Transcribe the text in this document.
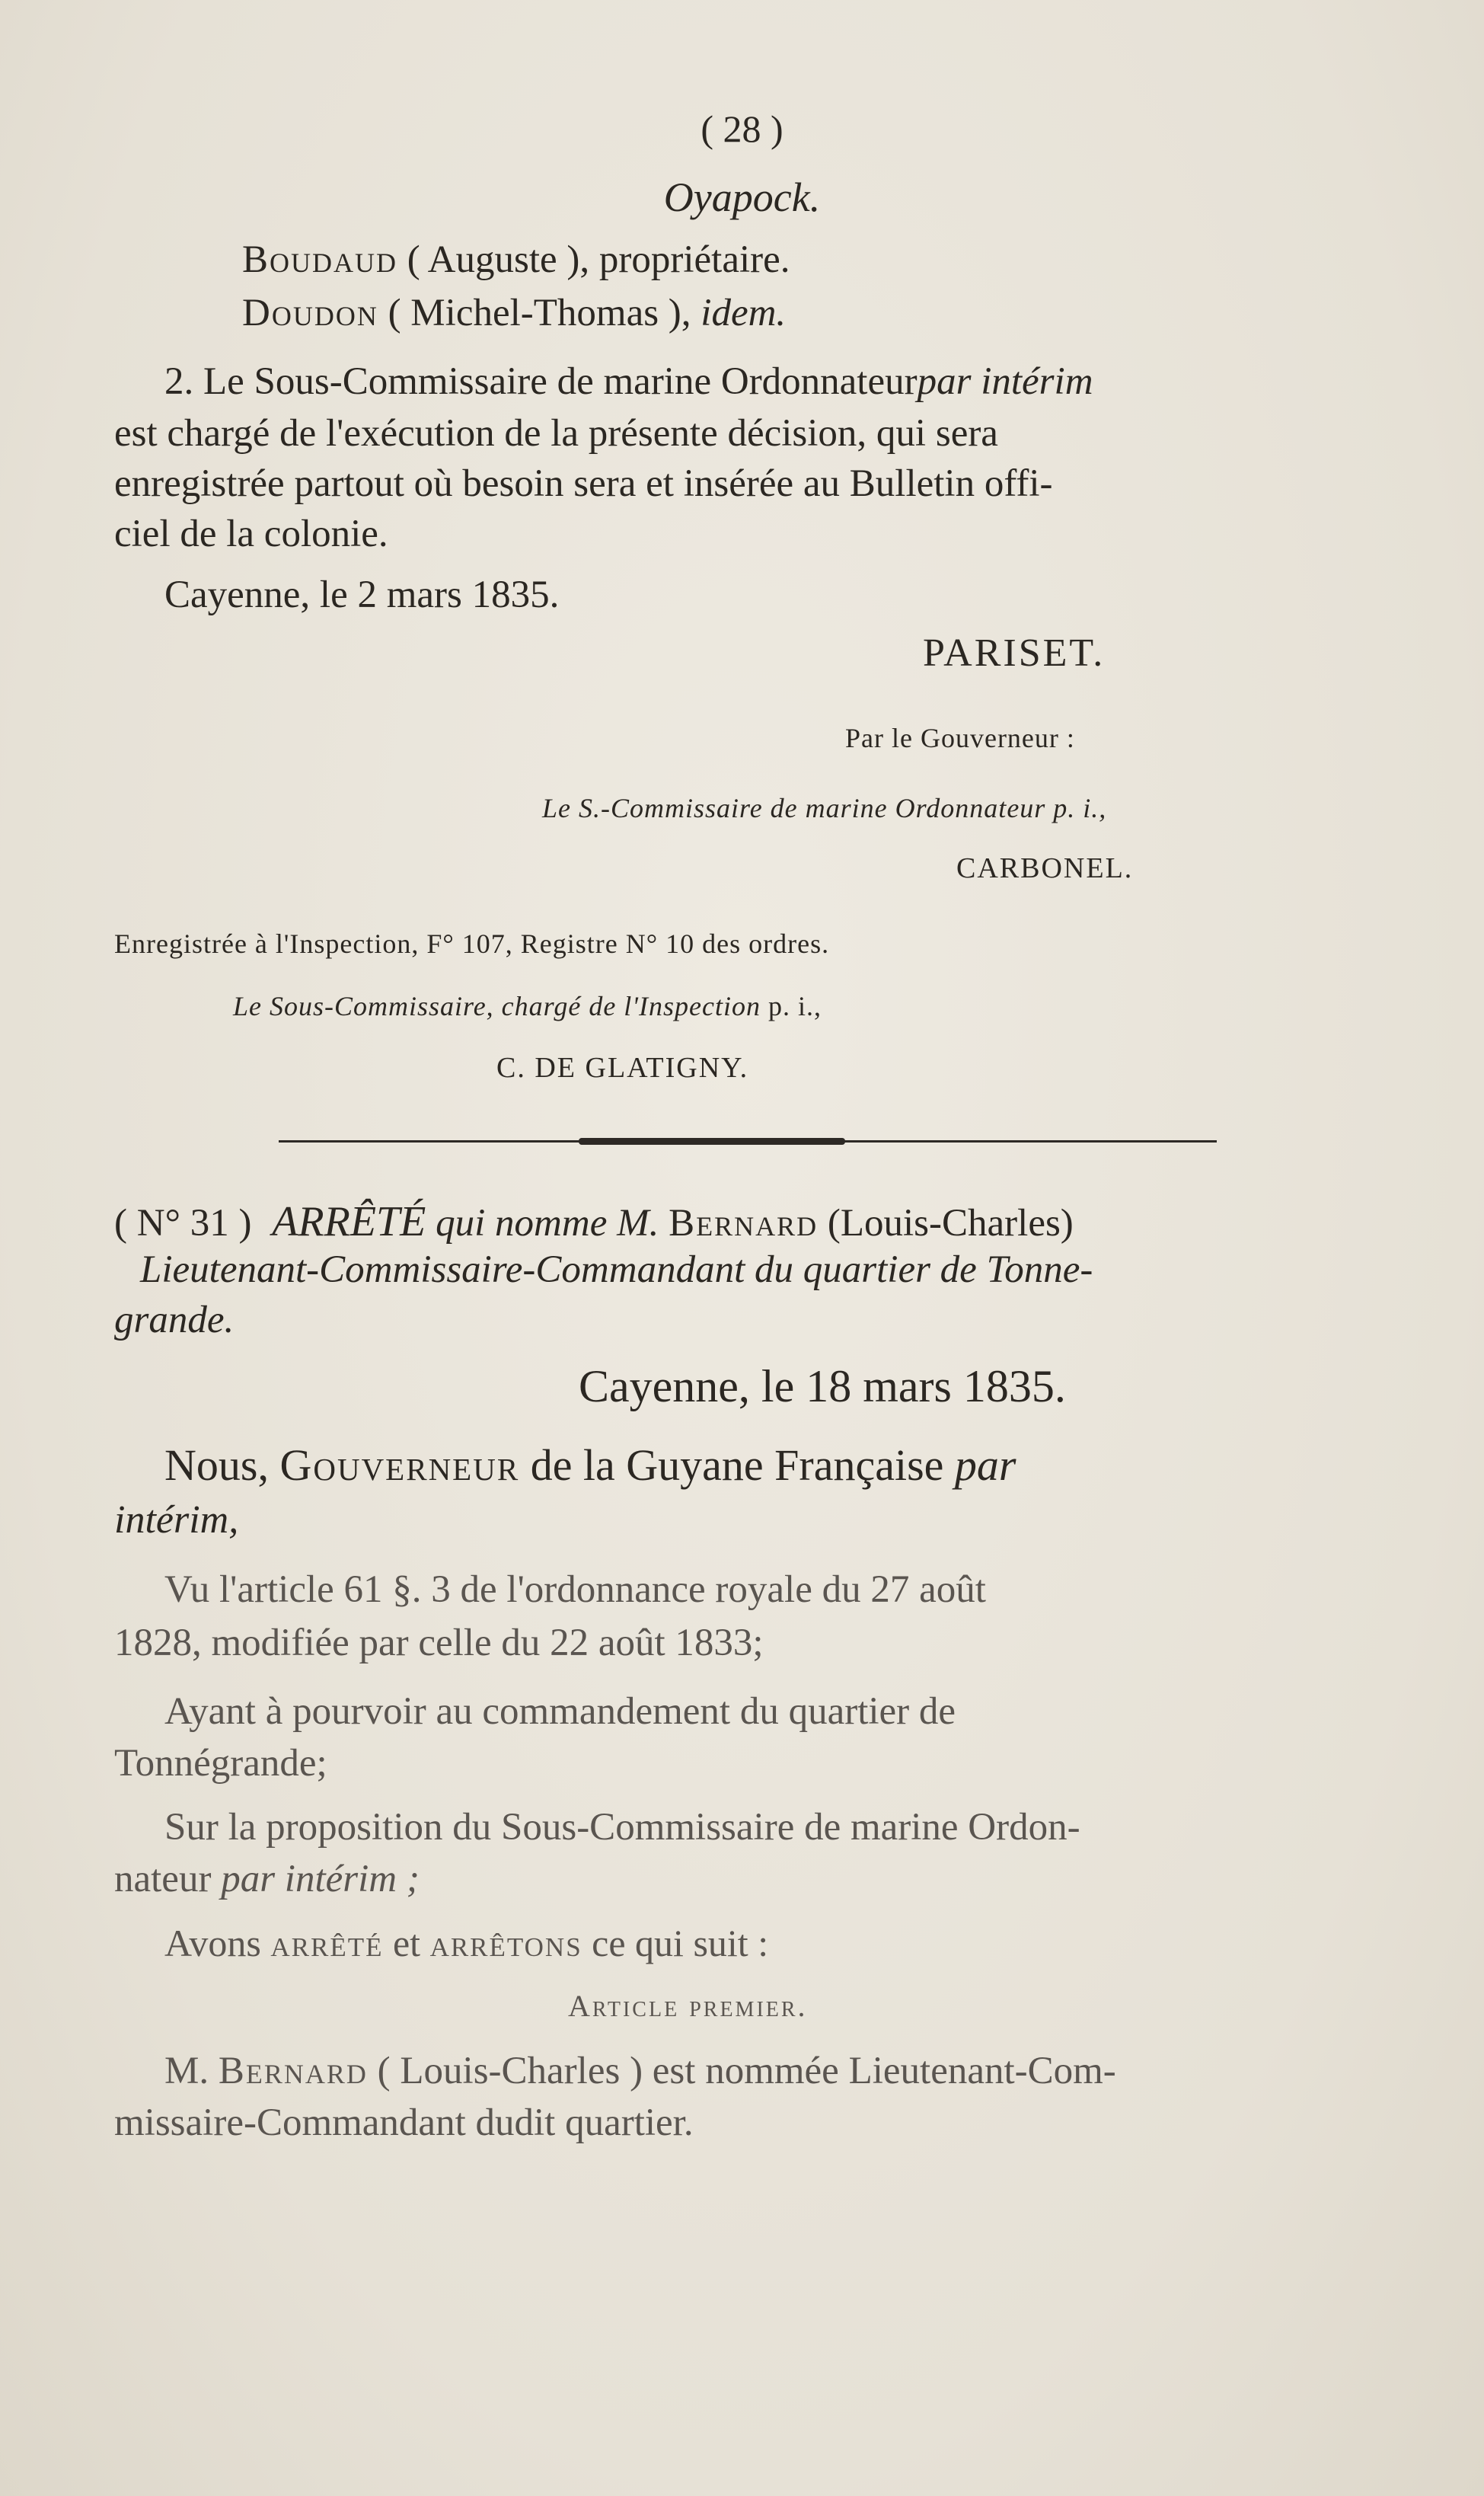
( 28 )
Oyapock.
Boudaud ( Auguste ), propriétaire.
Doudon ( Michel-Thomas ), idem.
2. Le Sous-Commissaire de marine Ordonnateurpar intérim
est chargé de l'exécution de la présente décision, qui sera
enregistrée partout où besoin sera et insérée au Bulletin offi-
ciel de la colonie.
Cayenne, le 2 mars 1835.
PARISET.
Par le Gouverneur :
Le S.-Commissaire de marine Ordonnateur p. i.,
CARBONEL.
Enregistrée à l'Inspection, F° 107, Registre N° 10 des ordres.
Le Sous-Commissaire, chargé de l'Inspection p. i.,
C. DE GLATIGNY.
( N° 31 ) ARRÊTÉ qui nomme M. Bernard (Louis-Charles)
Lieutenant-Commissaire-Commandant du quartier de Tonne-
grande.
Cayenne, le 18 mars 1835.
Nous, Gouverneur de la Guyane Française par
intérim,
Vu l'article 61 §. 3 de l'ordonnance royale du 27 août
1828, modifiée par celle du 22 août 1833;
Ayant à pourvoir au commandement du quartier de
Tonnégrande;
Sur la proposition du Sous-Commissaire de marine Ordon-
nateur par intérim ;
Avons arrêté et arrêtons ce qui suit :
Article premier.
M. Bernard ( Louis-Charles ) est nommée Lieutenant-Com-
missaire-Commandant dudit quartier.
